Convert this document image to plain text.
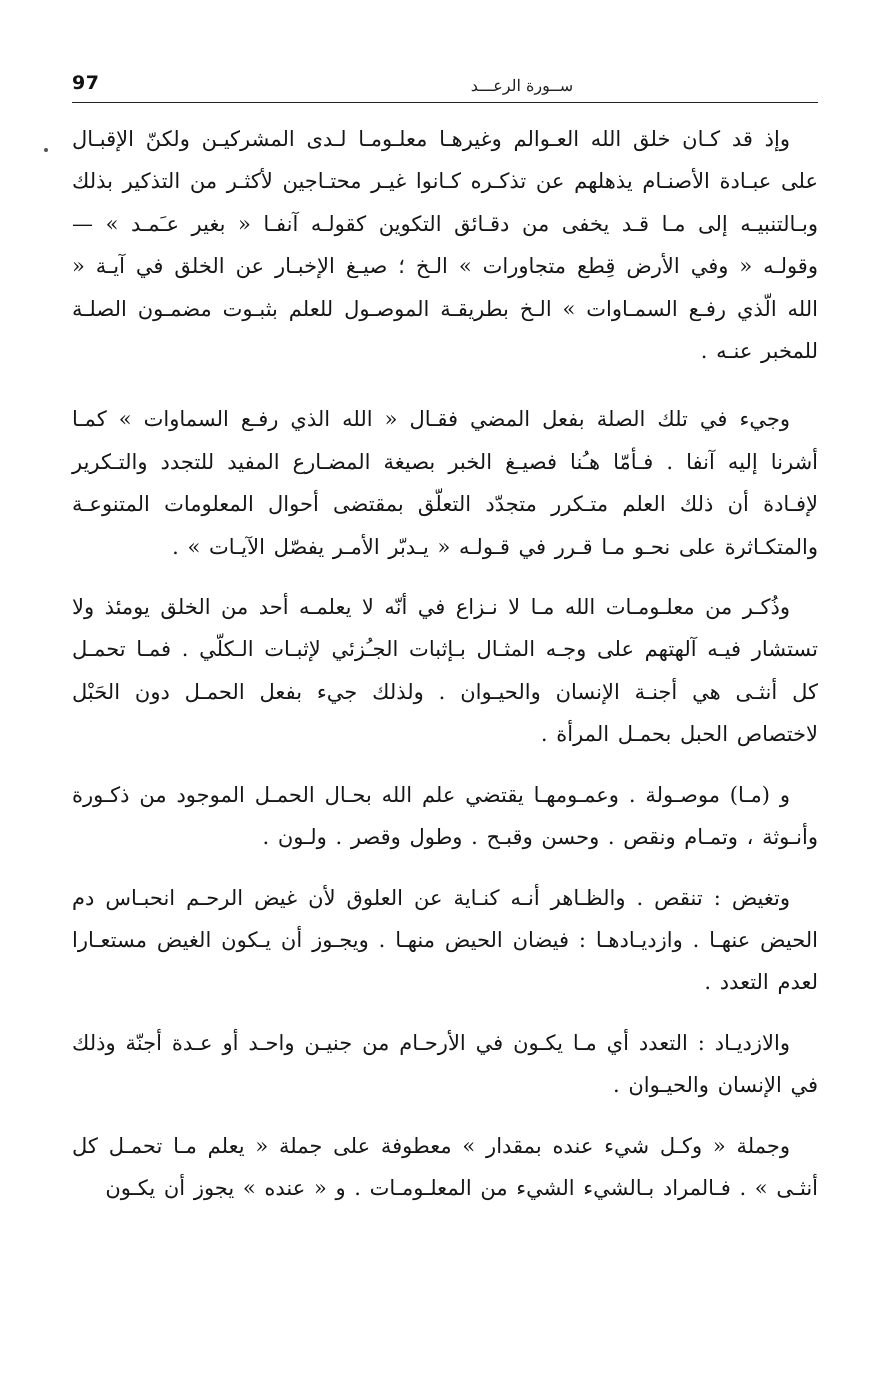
97	ســورة الرعـــد

وإذ قد كـان خلق الله العـوالم وغيرهـا معلـومـا لـدى المشركيـن ولكنّ الإقبـال على عبـادة الأصنـام يذهلهم عن تذكـره كـانوا غيـر محتـاجين لأكثـر من التذكير بذلك وبـالتنبيـه إلى مـا قـد يخفى من دقـائق التكوين كقولـه آنفـا « بغير عـَمـد » — وقولـه « وفي الأرض قِطع متجاورات » الـخ ؛ صيـغ الإخبـار عن الخلق في آيـة « الله الّذي رفـع السمـاوات » الـخ بطريقـة الموصـول للعلم بثبـوت مضمـون الصلـة للمخبر عنـه .

وجيء في تلك الصلة بفعل المضي فقـال « الله الذي رفـع السماوات » كمـا أشرنا إليه آنفا . فـأمّا هـُنا فصيـغ الخبر بصيغة المضـارع المفيد للتجدد والتـكرير لإفـادة أن ذلك العلم متـكرر متجدّد التعلّق بمقتضى أحوال المعلومات المتنوعـة والمتكـاثرة على نحـو مـا قـرر في قـولـه « يـدبّر الأمـر يفصّل الآيـات » .

وذُكـر من معلـومـات الله مـا لا نـزاع في أنّه لا يعلمـه أحد من الخلق يومئذ ولا تستشار فيـه آلهتهم على وجـه المثـال بـإثبات الجـُزئي لإثبـات الـكلّي . فمـا تحمـل كل أنثـى هي أجنـة الإنسان والحيـوان . ولذلك جيء بفعل الحمـل دون الحَبْل لاختصاص الحبل بحمـل المرأة .

و (مـا) موصـولة . وعمـومهـا يقتضي علم الله بحـال الحمـل الموجود من ذكـورة وأنـوثة ، وتمـام ونقص . وحسن وقبـح . وطول وقصر . ولـون .

وتغيض : تنقص . والظـاهر أنـه كنـاية عن العلوق لأن غيض الرحـم انحبـاس دم الحيض عنهـا . وازديـادهـا : فيضان الحيض منهـا . ويجـوز أن يـكون الغيض مستعـارا لعدم التعدد .

والازديـاد : التعدد أي مـا يكـون في الأرحـام من جنيـن واحـد أو عـدة أجنّة وذلك في الإنسان والحيـوان .

وجملة « وكـل شيء عنده بمقدار » معطوفة على جملة « يعلم مـا تحمـل كل أنثـى » . فـالمراد بـالشيء الشيء من المعلـومـات . و « عنده » يجوز أن يكـون
